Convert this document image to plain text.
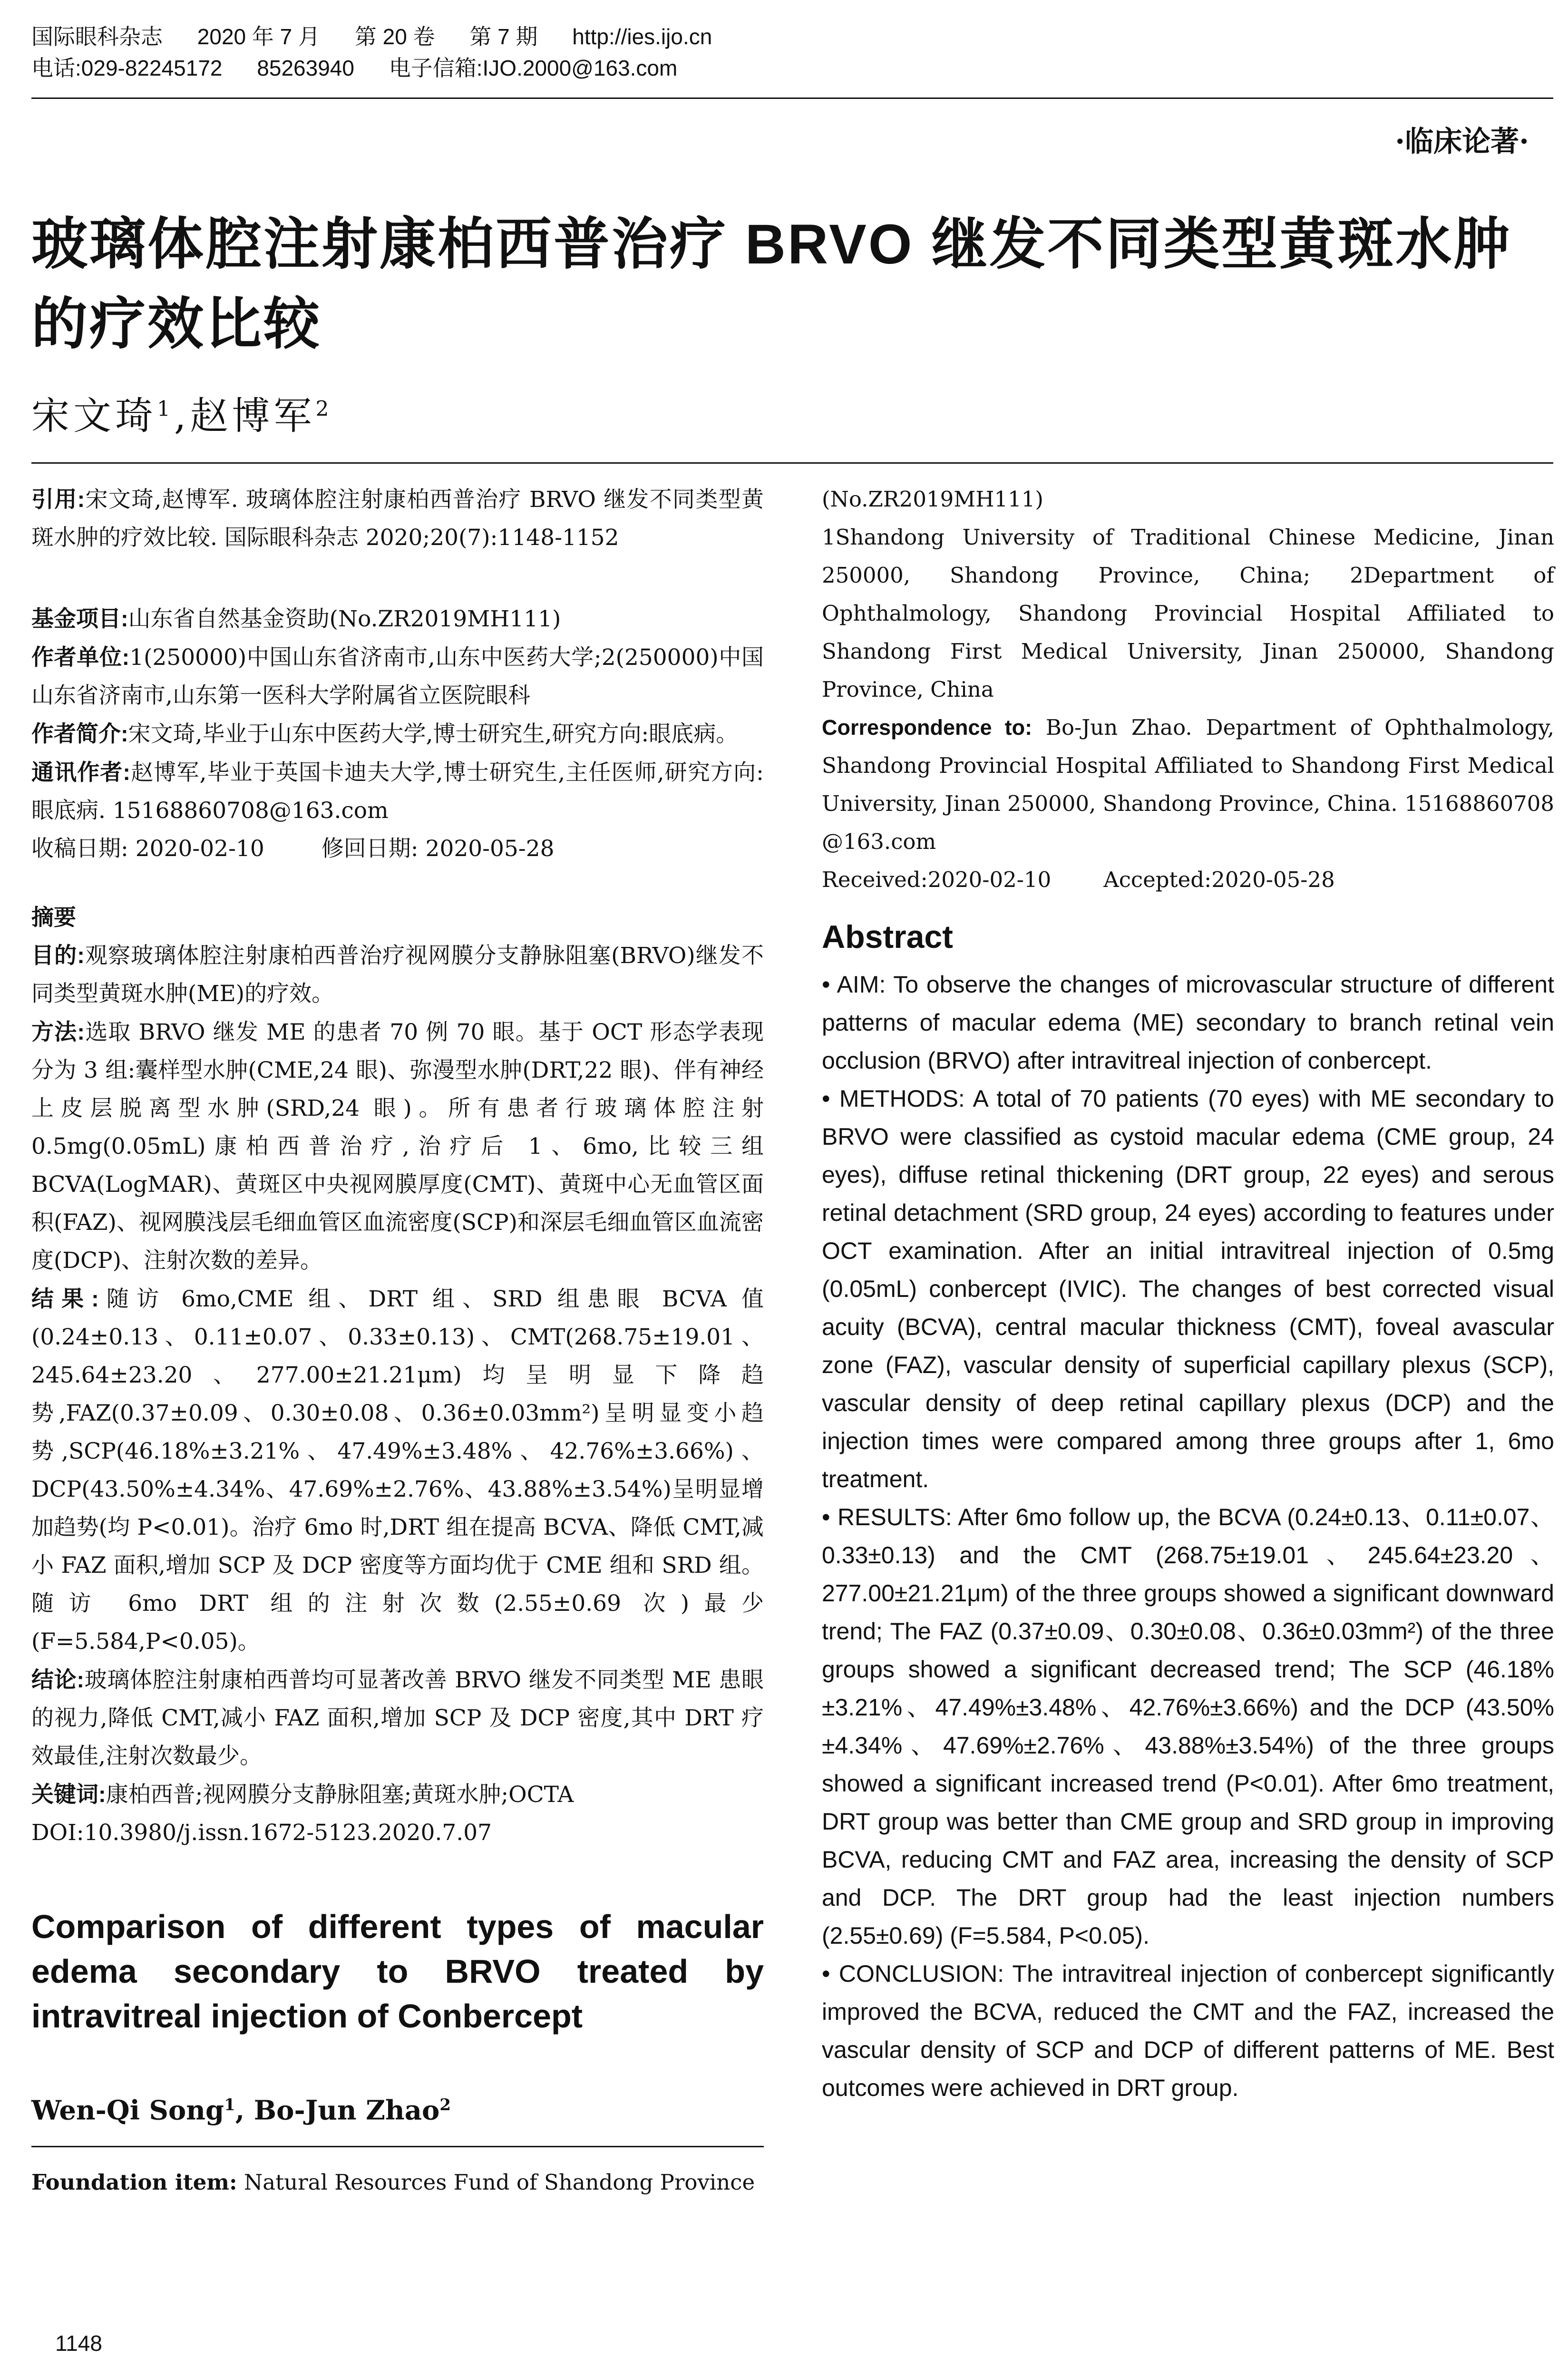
国际眼科杂志 2020 年 7 月 第 20 卷 第 7 期 http://ies.ijo.cn
电话:029-82245172 85263940 电子信箱:IJO.2000@163.com
·临床论著·
玻璃体腔注射康柏西普治疗 BRVO 继发不同类型黄斑水肿的疗效比较
宋文琦$^1$,赵博军$^2$

引用:宋文琦,赵博军. 玻璃体腔注射康柏西普治疗 BRVO 继发不同类型黄斑水肿的疗效比较. 国际眼科杂志 2020;20(7):1148-1152

基金项目:山东省自然基金资助(No.ZR2019MH111)

作者单位:1(250000)中国山东省济南市,山东中医药大学;2(250000)中国山东省济南市,山东第一医科大学附属省立医院眼科

作者简介:宋文琦,毕业于山东中医药大学,博士研究生,研究方向:眼底病。

通讯作者:赵博军,毕业于英国卡迪夫大学,博士研究生,主任医师,研究方向:眼底病. 15168860708@163.com

收稿日期: 2020-02-10	修回日期: 2020-05-28

摘要

目的:观察玻璃体腔注射康柏西普治疗视网膜分支静脉阻塞(BRVO)继发不同类型黄斑水肿(ME)的疗效。

方法:选取 BRVO 继发 ME 的患者 70 例 70 眼。基于 OCT 形态学表现分为 3 组:囊样型水肿(CME,24 眼)、弥漫型水肿(DRT,22 眼)、伴有神经上皮层脱离型水肿(SRD,24 眼)。所有患者行玻璃体腔注射 0.5mg(0.05mL)康柏西普治疗,治疗后 1、6mo,比较三组 BCVA(LogMAR)、黄斑区中央视网膜厚度(CMT)、黄斑中心无血管区面积(FAZ)、视网膜浅层毛细血管区血流密度(SCP)和深层毛细血管区血流密度(DCP)、注射次数的差异。

结果:随访 6mo,CME 组、DRT 组、SRD 组患眼 BCVA 值(0.24±0.13、0.11±0.07、0.33±0.13)、CMT(268.75±19.01、245.64±23.20、277.00±21.21μm)均呈明显下降趋势,FAZ(0.37±0.09、0.30±0.08、0.36±0.03mm²)呈明显变小趋势,SCP(46.18%±3.21%、47.49%±3.48%、42.76%±3.66%)、DCP(43.50%±4.34%、47.69%±2.76%、43.88%±3.54%)呈明显增加趋势(均 P<0.01)。治疗 6mo 时,DRT 组在提高 BCVA、降低 CMT,减小 FAZ 面积,增加 SCP 及 DCP 密度等方面均优于 CME 组和 SRD 组。随访 6mo DRT 组的注射次数(2.55±0.69 次)最少(F=5.584,P<0.05)。

结论:玻璃体腔注射康柏西普均可显著改善 BRVO 继发不同类型 ME 患眼的视力,降低 CMT,减小 FAZ 面积,增加 SCP 及 DCP 密度,其中 DRT 疗效最佳,注射次数最少。

关键词:康柏西普;视网膜分支静脉阻塞;黄斑水肿;OCTA

DOI:10.3980/j.issn.1672-5123.2020.7.07

Comparison of different types of macular edema secondary to BRVO treated by intravitreal injection of Conbercept
Wen-Qi Song$^1$, Bo-Jun Zhao$^2$

Foundation item: Natural Resources Fund of Shandong Province

(No.ZR2019MH111)

1Shandong University of Traditional Chinese Medicine, Jinan 250000, Shandong Province, China; 2Department of Ophthalmology, Shandong Provincial Hospital Affiliated to Shandong First Medical University, Jinan 250000, Shandong Province, China

Correspondence to: Bo-Jun Zhao. Department of Ophthalmology, Shandong Provincial Hospital Affiliated to Shandong First Medical University, Jinan 250000, Shandong Province, China. 15168860708 @163.com

Received:2020-02-10 Accepted:2020-05-28

Abstract

• AIM: To observe the changes of microvascular structure of different patterns of macular edema (ME) secondary to branch retinal vein occlusion (BRVO) after intravitreal injection of conbercept.

• METHODS: A total of 70 patients (70 eyes) with ME secondary to BRVO were classified as cystoid macular edema (CME group, 24 eyes), diffuse retinal thickening (DRT group, 22 eyes) and serous retinal detachment (SRD group, 24 eyes) according to features under OCT examination. After an initial intravitreal injection of 0.5mg (0.05mL) conbercept (IVIC). The changes of best corrected visual acuity (BCVA), central macular thickness (CMT), foveal avascular zone (FAZ), vascular density of superficial capillary plexus (SCP), vascular density of deep retinal capillary plexus (DCP) and the injection times were compared among three groups after 1, 6mo treatment.

• RESULTS: After 6mo follow up, the BCVA (0.24±0.13、0.11±0.07、0.33±0.13) and the CMT (268.75±19.01、245.64±23.20、277.00±21.21μm) of the three groups showed a significant downward trend; The FAZ (0.37±0.09、0.30±0.08、0.36±0.03mm²) of the three groups showed a significant decreased trend; The SCP (46.18%±3.21%、47.49%±3.48%、42.76%±3.66%) and the DCP (43.50%±4.34%、47.69%±2.76%、43.88%±3.54%) of the three groups showed a significant increased trend (P<0.01). After 6mo treatment, DRT group was better than CME group and SRD group in improving BCVA, reducing CMT and FAZ area, increasing the density of SCP and DCP. The DRT group had the least injection numbers (2.55±0.69) (F=5.584, P<0.05).

• CONCLUSION: The intravitreal injection of conbercept significantly improved the BCVA, reduced the CMT and the FAZ, increased the vascular density of SCP and DCP of different patterns of ME. Best outcomes were achieved in DRT group.

1148
